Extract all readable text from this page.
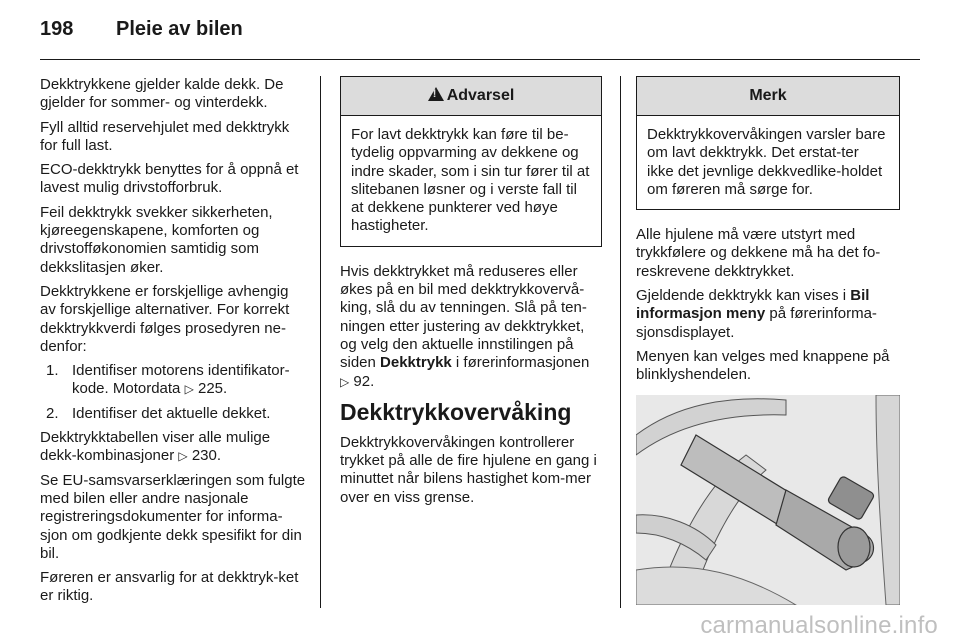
198	Pleie av bilen

Dekktrykkene gjelder kalde dekk. De gjelder for sommer- og vinterdekk.

Fyll alltid reservehjulet med dekktrykk for full last.

ECO-dekktrykk benyttes for å oppnå et lavest mulig drivstofforbruk.

Feil dekktrykk svekker sikkerheten, kjøreegenskapene, komforten og drivstofføkonomien samtidig som dekkslitasjen øker.

Dekktrykkene er forskjellige avhengig av forskjellige alternativer. For korrekt dekktrykkverdi følges prosedyren ne-denfor:

1. Identifiser motorens identifikator-kode. Motordata ▷ 225.
2. Identifiser det aktuelle dekket.

Dekktrykktabellen viser alle mulige dekk-kombinasjoner ▷ 230.

Se EU-samsvarserklæringen som fulgte med bilen eller andre nasjonale registreringsdokumenter for informa-sjon om godkjente dekk spesifikt for din bil.

Føreren er ansvarlig for at dekktryk-ket er riktig.

!Advarsel
For lavt dekktrykk kan føre til be-tydelig oppvarming av dekkene og indre skader, som i sin tur fører til at slitebanen løsner og i verste fall til at dekkene punkterer ved høye hastigheter.

Hvis dekktrykket må reduseres eller økes på en bil med dekktrykkovervå-king, slå du av tenningen. Slå på ten-ningen etter justering av dekktrykket, og velg den aktuelle innstilingen på siden Dekktrykk i førerinformasjonen
▷ 92.

Dekktrykkovervåking

Dekktrykkovervåkingen kontrollerer trykket på alle de fire hjulene en gang i minuttet når bilens hastighet kom-mer over en viss grense.

Merk
Dekktrykkovervåkingen varsler bare om lavt dekktrykk. Det erstat-ter ikke det jevnlige dekkvedlike-holdet om føreren må sørge for.

Alle hjulene må være utstyrt med trykkfølere og dekkene må ha det fo-reskrevene dekktrykket.

Gjeldende dekktrykk kan vises i Bil informasjon meny på førerinforma-sjonsdisplayet.

Menyen kan velges med knappene på blinklyshendelen.

carmanualsonline.info
